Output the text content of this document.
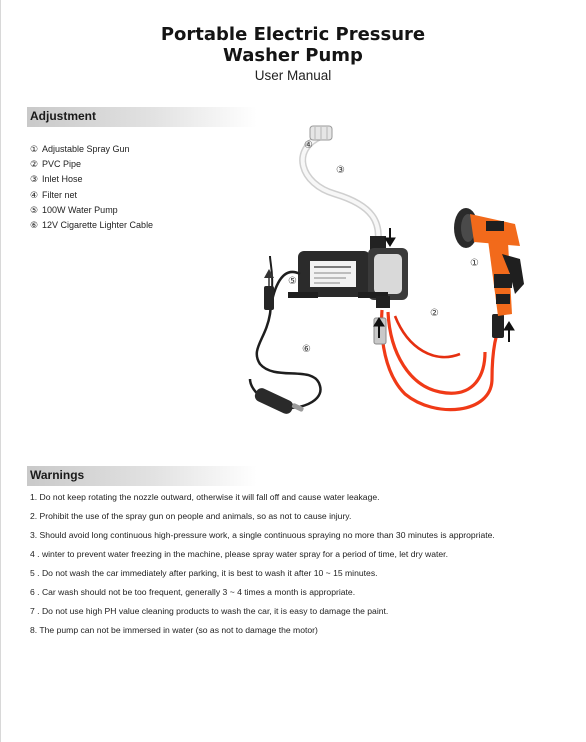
Portable Electric Pressure
Washer Pump
User Manual
Adjustment
① Adjustable Spray Gun
② PVC Pipe
③ Inlet Hose
④ Filter net
⑤ 100W Water Pump
⑥ 12V Cigarette Lighter Cable
④
③
⑤
⑥
②
①
Warnings
1. Do not keep rotating the nozzle outward, otherwise it will fall off and cause water leakage.
2. Prohibit the use of the spray gun on people and animals, so as not to cause injury.
3. Should avoid long continuous high-pressure work, a single continuous spraying no more than 30 minutes is appropriate.
4 . winter to prevent water freezing in the machine, please spray water spray for a period of time, let dry water.
5 . Do not wash the car immediately after parking, it is best to wash it after 10 ~ 15 minutes.
6 . Car wash should not be too frequent, generally 3 ~ 4 times a month is appropriate.
7 . Do not use high PH value cleaning products to wash the car, it is easy to damage the paint.
8. The pump can not be immersed in water (so as not to damage the motor)
